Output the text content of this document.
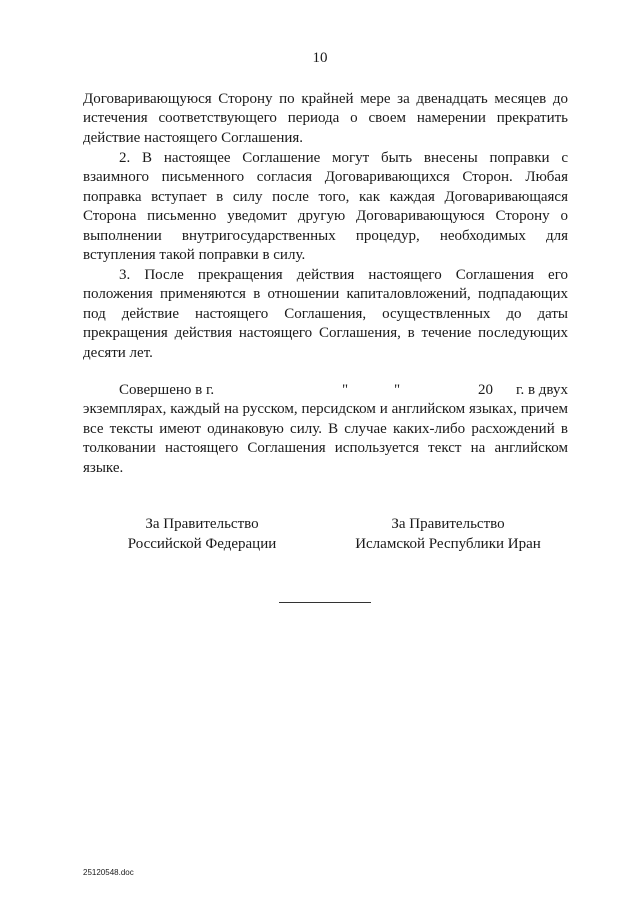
10
Договаривающуюся Сторону по крайней мере за двенадцать месяцев до истечения соответствующего периода о своем намерении прекратить действие настоящего Соглашения.
2. В настоящее Соглашение могут быть внесены поправки с взаимного письменного согласия Договаривающихся Сторон. Любая поправка вступает в силу после того, как каждая Договаривающаяся Сторона письменно уведомит другую Договаривающуюся Сторону о выполнении внутригосударственных процедур, необходимых для вступления такой поправки в силу.
3. После прекращения действия настоящего Соглашения его положения применяются в отношении капиталовложений, подпадающих под действие настоящего Соглашения, осуществленных до даты прекращения действия настоящего Соглашения, в течение последующих десяти лет.
Совершено в г.	"	"	20 г. в двух
экземплярах, каждый на русском, персидском и английском языках, причем все тексты имеют одинаковую силу. В случае каких-либо расхождений в толковании настоящего Соглашения используется текст на английском языке.
За Правительство
Российской Федерации
За Правительство
Исламской Республики Иран
25120548.doc
